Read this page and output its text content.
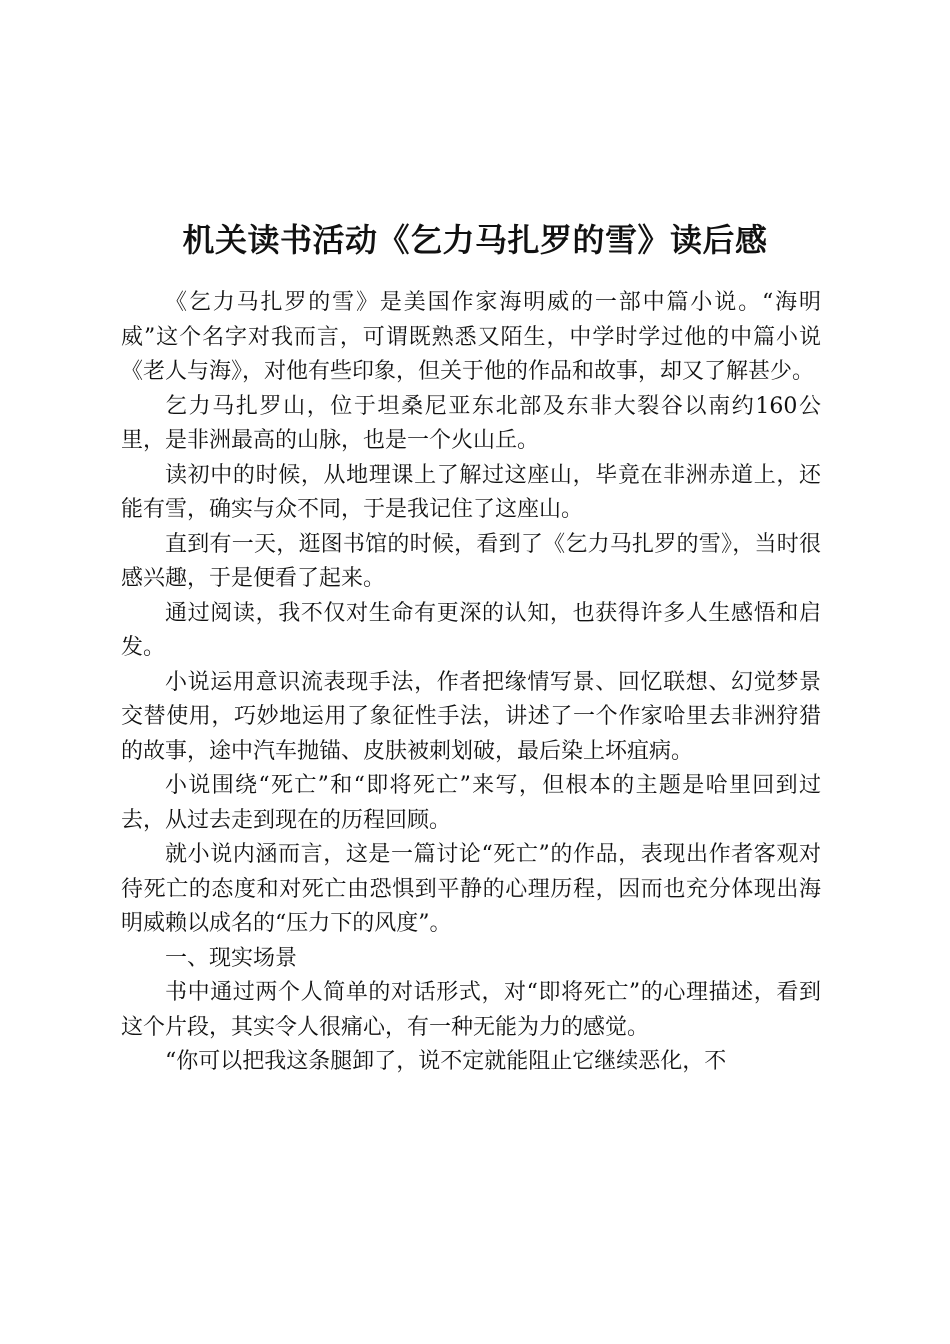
机关读书活动《乞力马扎罗的雪》读后感

《乞力马扎罗的雪》是美国作家海明威的一部中篇小说。“海明威”这个名字对我而言，可谓既熟悉又陌生，中学时学过他的中篇小说《老人与海》，对他有些印象，但关于他的作品和故事，却又了解甚少。

乞力马扎罗山，位于坦桑尼亚东北部及东非大裂谷以南约160公里，是非洲最高的山脉，也是一个火山丘。

读初中的时候，从地理课上了解过这座山，毕竟在非洲赤道上，还能有雪，确实与众不同，于是我记住了这座山。

直到有一天，逛图书馆的时候，看到了《乞力马扎罗的雪》，当时很感兴趣，于是便看了起来。

通过阅读，我不仅对生命有更深的认知，也获得许多人生感悟和启发。

小说运用意识流表现手法，作者把缘情写景、回忆联想、幻觉梦景交替使用，巧妙地运用了象征性手法，讲述了一个作家哈里去非洲狩猎的故事，途中汽车抛锚、皮肤被刺划破，最后染上坏疽病。

小说围绕“死亡”和“即将死亡”来写，但根本的主题是哈里回到过去，从过去走到现在的历程回顾。

就小说内涵而言，这是一篇讨论“死亡”的作品，表现出作者客观对待死亡的态度和对死亡由恐惧到平静的心理历程，因而也充分体现出海明威赖以成名的“压力下的风度”。

一、现实场景

书中通过两个人简单的对话形式，对“即将死亡”的心理描述，看到这个片段，其实令人很痛心，有一种无能为力的感觉。

“你可以把我这条腿卸了，说不定就能阻止它继续恶化，不
